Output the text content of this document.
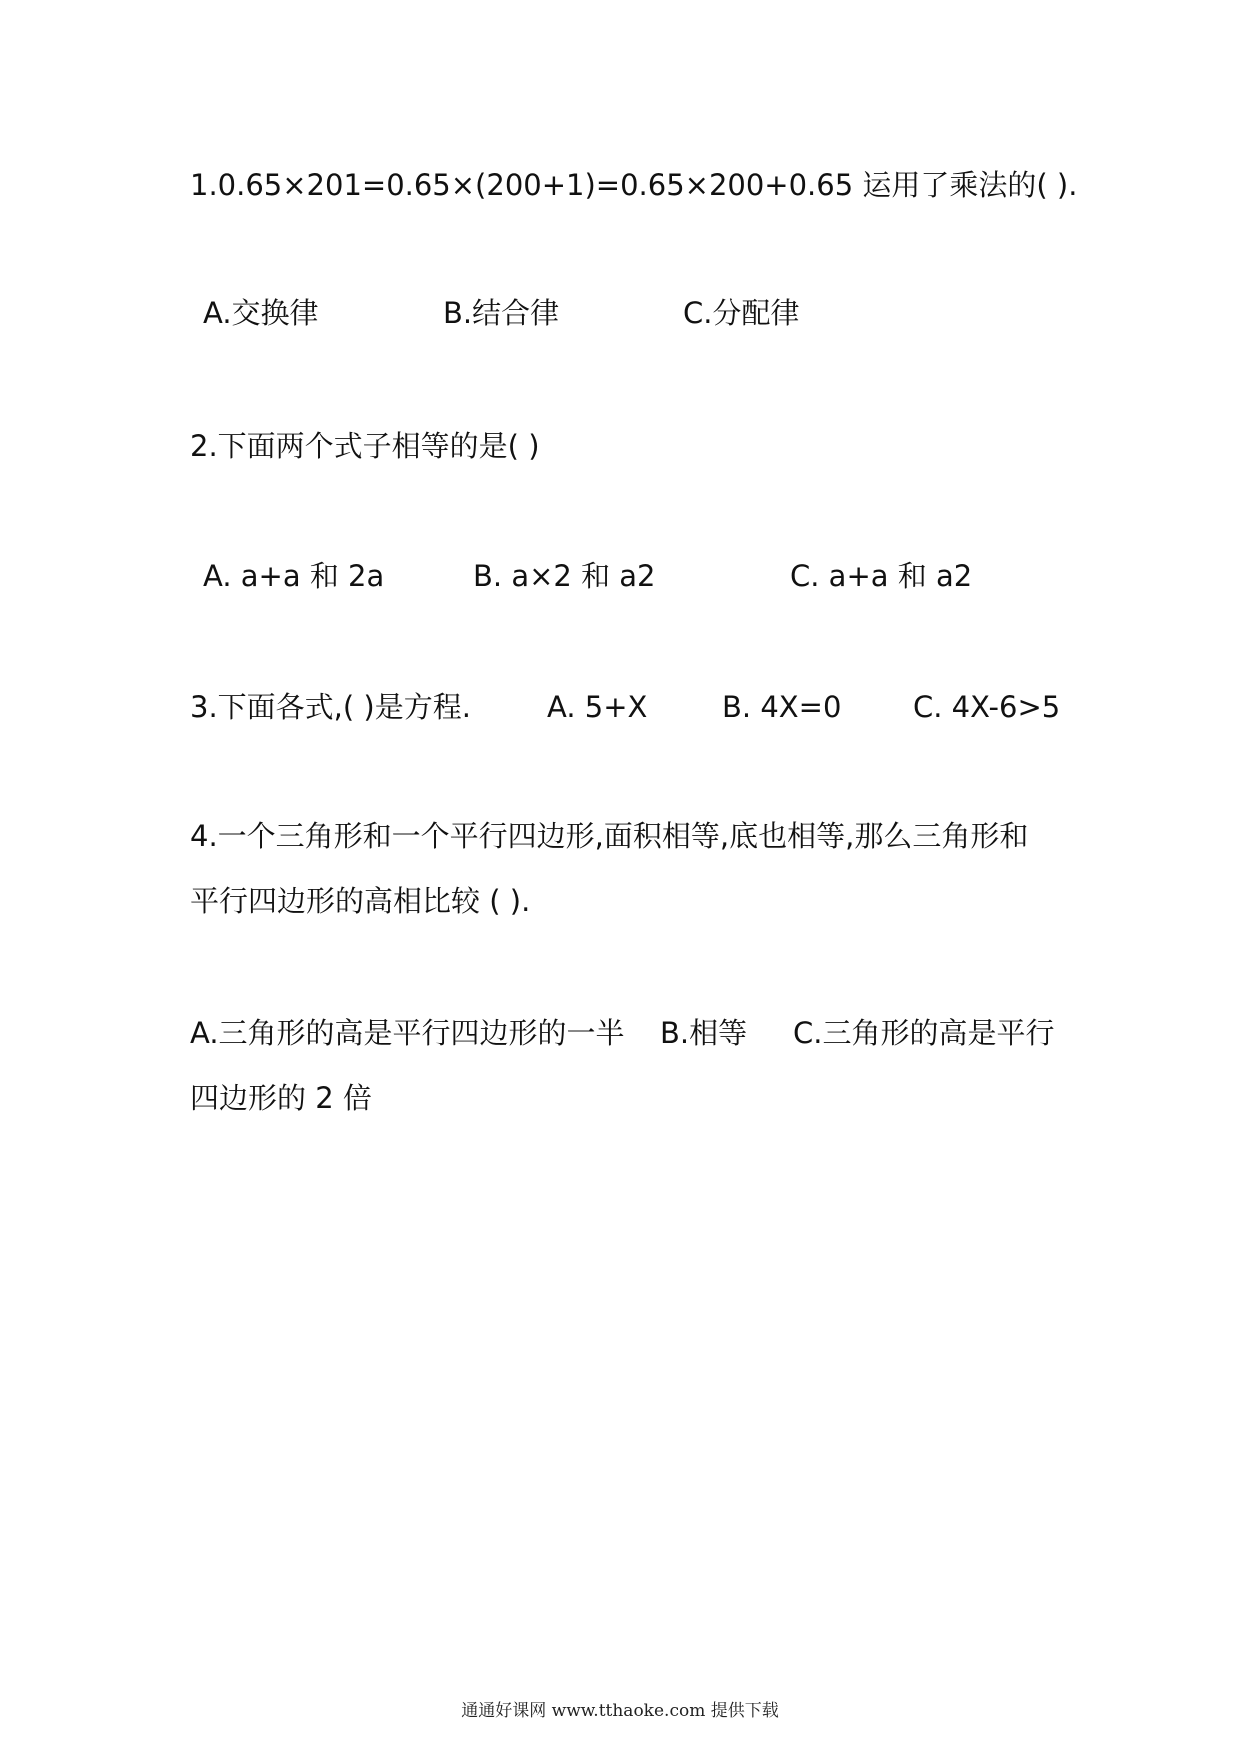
1.0.65×201=0.65×(200+1)=0.65×200+0.65 运用了乘法的( ).
A.交换律	B.结合律	C.分配律
2.下面两个式子相等的是( )
A. a+a 和 2a	B. a×2 和 a2	C. a+a 和 a2
3.下面各式,( )是方程.	A. 5+X	B. 4X=0 C. 4X-6>5
4.一个三角形和一个平行四边形,面积相等,底也相等,那么三角形和
平行四边形的高相比较 ( ).
A.三角形的高是平行四边形的一半 B.相等 C.三角形的高是平行
四边形的 2 倍
通通好课网 www.tthaoke.com 提供下载
